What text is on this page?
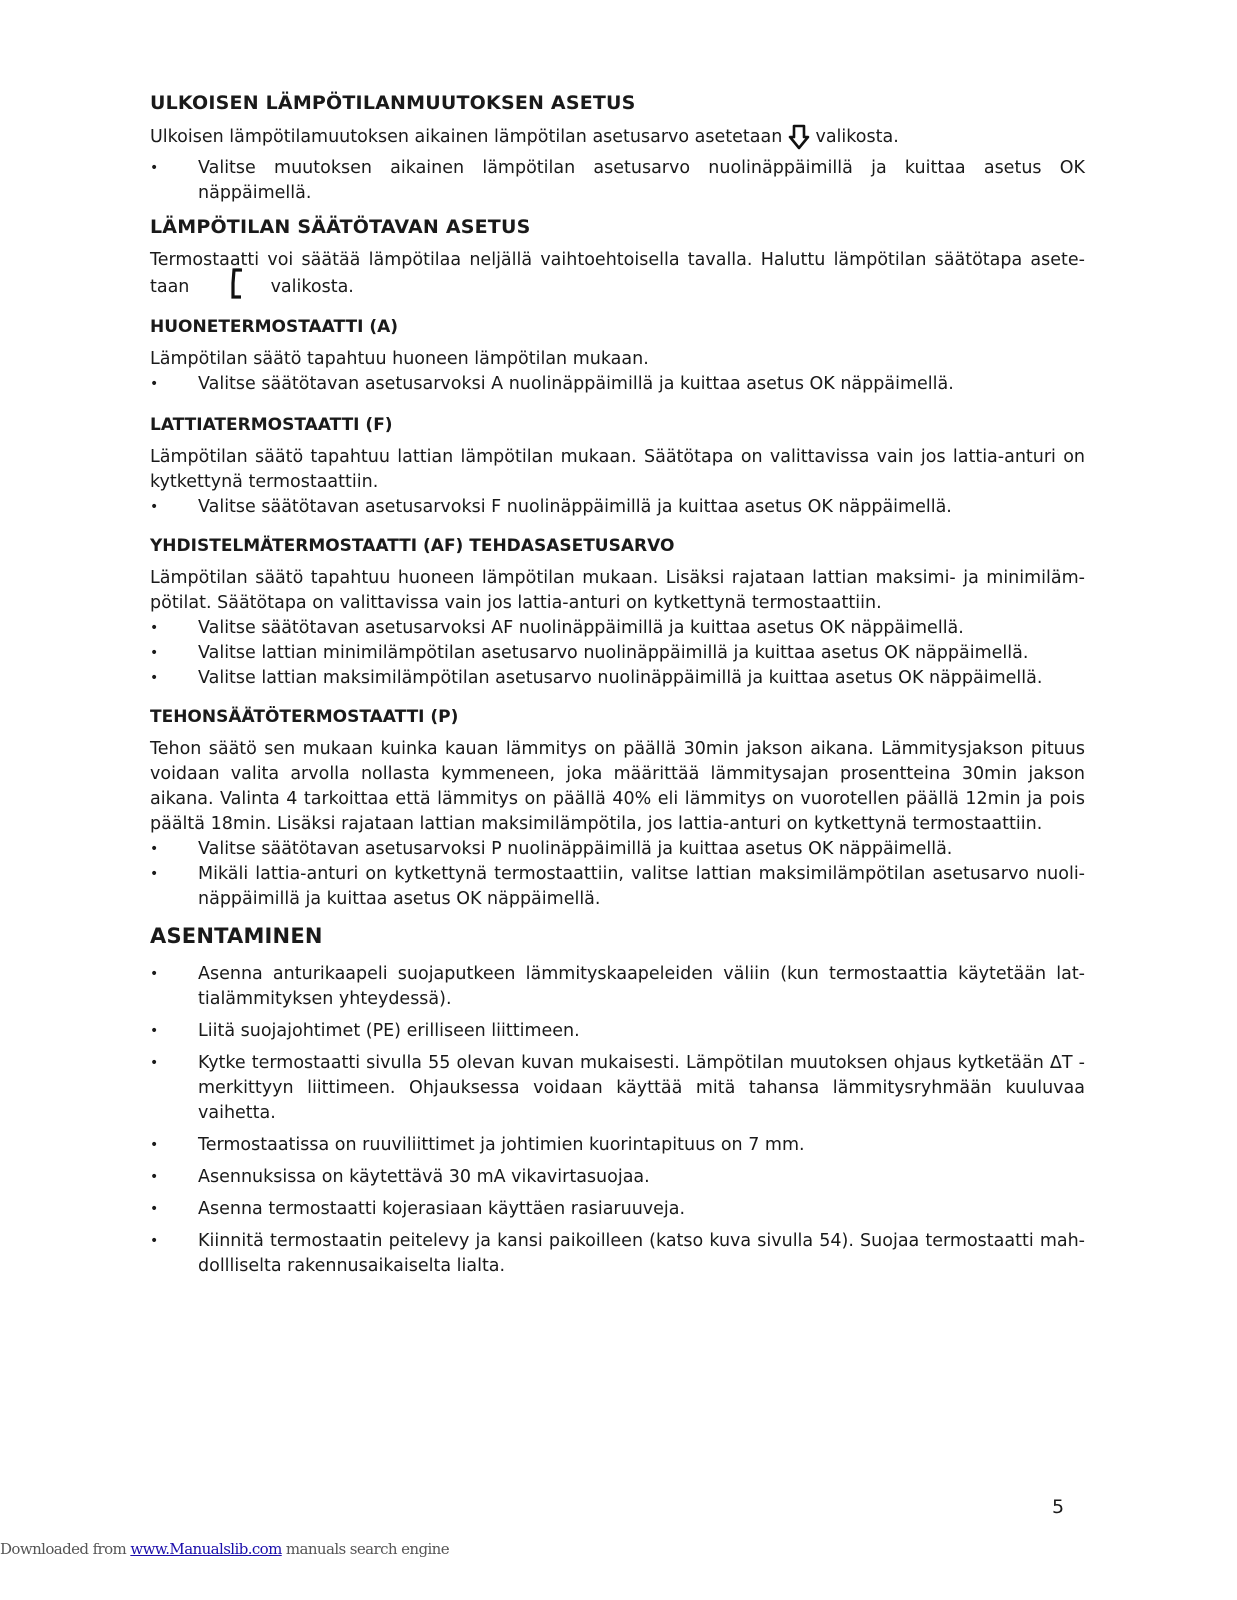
ULKOISEN LÄMPÖTILANMUUTOKSEN ASETUS

Ulkoisen lämpötilamuutoksen aikainen lämpötilan asetusarvo asetetaan valikosta.

• Valitse muutoksen aikainen lämpötilan asetusarvo nuolinäppäimillä ja kuittaa asetus OK näppäimellä.
LÄMPÖTILAN SÄÄTÖTAVAN ASETUS

Termostaatti voi säätää lämpötilaa neljällä vaihtoehtoisella tavalla. Haluttu lämpötilan säätötapa asete-taan	valikosta.

HUONETERMOSTAATTI (A)

Lämpötilan säätö tapahtuu huoneen lämpötilan mukaan.

• Valitse säätötavan asetusarvoksi A nuolinäppäimillä ja kuittaa asetus OK näppäimellä.
LATTIATERMOSTAATTI (F)

Lämpötilan säätö tapahtuu lattian lämpötilan mukaan. Säätötapa on valittavissa vain jos lattia-anturi on kytkettynä termostaattiin.

• Valitse säätötavan asetusarvoksi F nuolinäppäimillä ja kuittaa asetus OK näppäimellä.
YHDISTELMÄTERMOSTAATTI (AF) TEHDASASETUSARVO

Lämpötilan säätö tapahtuu huoneen lämpötilan mukaan. Lisäksi rajataan lattian maksimi- ja minimiläm-pötilat. Säätötapa on valittavissa vain jos lattia-anturi on kytkettynä termostaattiin.

• Valitse säätötavan asetusarvoksi AF nuolinäppäimillä ja kuittaa asetus OK näppäimellä.
• Valitse lattian minimilämpötilan asetusarvo nuolinäppäimillä ja kuittaa asetus OK näppäimellä.
• Valitse lattian maksimilämpötilan asetusarvo nuolinäppäimillä ja kuittaa asetus OK näppäimellä.
TEHONSÄÄTÖTERMOSTAATTI (P)

Tehon säätö sen mukaan kuinka kauan lämmitys on päällä 30min jakson aikana. Lämmitysjakson pituus voidaan valita arvolla nollasta kymmeneen, joka määrittää lämmitysajan prosentteina 30min jakson aikana. Valinta 4 tarkoittaa että lämmitys on päällä 40% eli lämmitys on vuorotellen päällä 12min ja pois päältä 18min. Lisäksi rajataan lattian maksimilämpötila, jos lattia-anturi on kytkettynä termostaattiin.

• Valitse säätötavan asetusarvoksi P nuolinäppäimillä ja kuittaa asetus OK näppäimellä.
• Mikäli lattia-anturi on kytkettynä termostaattiin, valitse lattian maksimilämpötilan asetusarvo nuoli-näppäimillä ja kuittaa asetus OK näppäimellä.
ASENTAMINEN
• Asenna anturikaapeli suojaputkeen lämmityskaapeleiden väliin (kun termostaattia käytetään lat-tialämmityksen yhteydessä).
• Liitä suojajohtimet (PE) erilliseen liittimeen.
• Kytke termostaatti sivulla 55 olevan kuvan mukaisesti. Lämpötilan muutoksen ohjaus kytketään ΔT -merkittyyn liittimeen. Ohjauksessa voidaan käyttää mitä tahansa lämmitysryhmään kuuluvaa vaihetta.
• Termostaatissa on ruuviliittimet ja johtimien kuorintapituus on 7 mm.
• Asennuksissa on käytettävä 30 mA vikavirtasuojaa.
• Asenna termostaatti kojerasiaan käyttäen rasiaruuveja.
• Kiinnitä termostaatin peitelevy ja kansi paikoilleen (katso kuva sivulla 54). Suojaa termostaatti mah-dollliselta rakennusaikaiselta lialta.
5
Downloaded from www.Manualslib.com manuals search engine
